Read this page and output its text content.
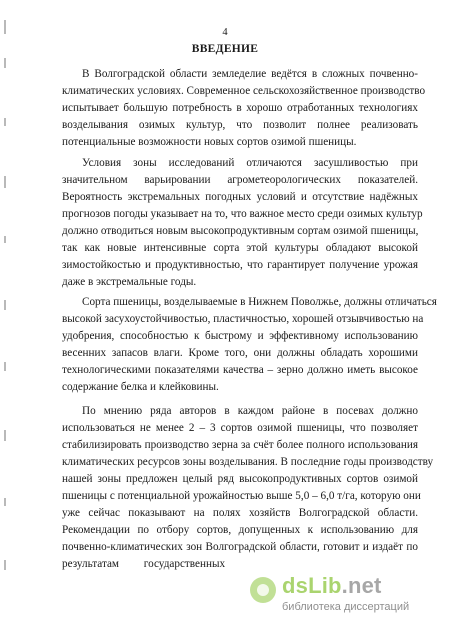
4
ВВЕДЕНИЕ
В Волгоградской области земледелие ведётся в сложных почвенно-
климатических условиях. Современное сельскохозяйственное производство
испытывает большую потребность в хорошо отработанных технологиях
возделывания озимых культур, что позволит полнее реализовать
потенциальные возможности новых сортов озимой пшеницы.
Условия зоны исследований отличаются засушливостью при
значительном варьировании агрометеорологических показателей.
Вероятность экстремальных погодных условий и отсутствие надёжных
прогнозов погоды указывает на то, что важное место среди озимых культур
должно отводиться новым высокопродуктивным сортам озимой пшеницы,
так как новые интенсивные сорта этой культуры обладают высокой
зимостойкостью и продуктивностью, что гарантирует получение урожая
даже в экстремальные годы.
Сорта пшеницы, возделываемые в Нижнем Поволжье, должны отличаться
высокой засухоустойчивостью, пластичностью, хорошей отзывчивостью на
удобрения, способностью к быстрому и эффективному использованию
весенних запасов влаги. Кроме того, они должны обладать хорошими
технологическими показателями качества – зерно должно иметь высокое
содержание белка и клейковины.
По мнению ряда авторов в каждом районе в посевах должно
использоваться не менее 2 – 3 сортов озимой пшеницы, что позволяет
стабилизировать производство зерна за счёт более полного использования
климатических ресурсов зоны возделывания. В последние годы производству
нашей зоны предложен целый ряд высокопродуктивных сортов озимой
пшеницы с потенциальной урожайностью выше 5,0 – 6,0 т/га, которую они
уже сейчас показывают на полях хозяйств Волгоградской области.
Рекомендации по отбору сортов, допущенных к использованию для
почвенно-климатических зон Волгоградской области, готовит и издаёт по
результатам государственных
dsLib.net
библиотека диссертаций
